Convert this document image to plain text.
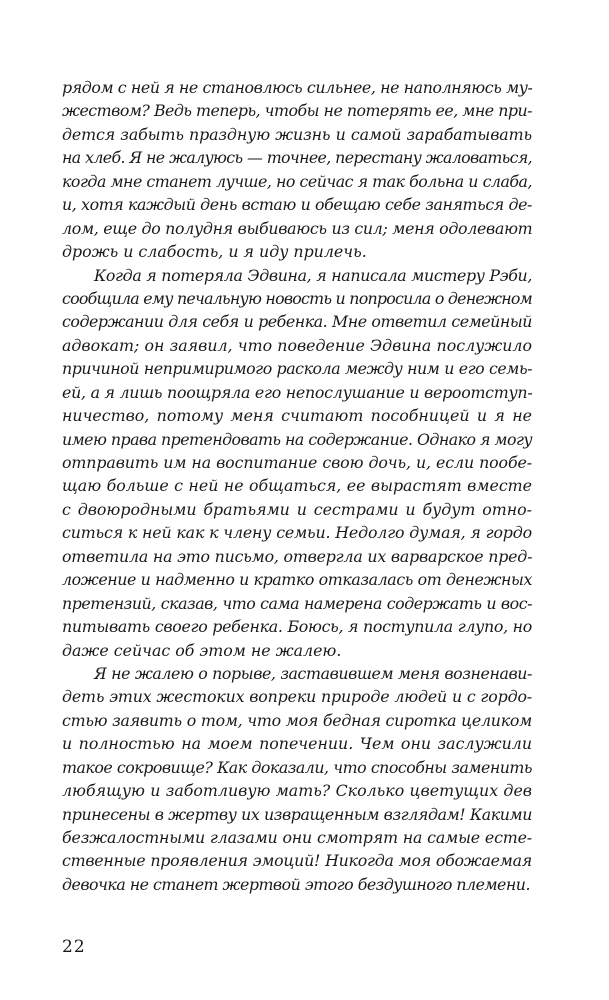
рядом с ней я не становлюсь сильнее, не наполняюсь му-
жеством? Ведь теперь, чтобы не потерять ее, мне при-
дется забыть праздную жизнь и самой зарабатывать
на хлеб. Я не жалуюсь — точнее, перестану жаловаться,
когда мне станет лучше, но сейчас я так больна и слаба,
и, хотя каждый день встаю и обещаю себе заняться де-
лом, еще до полудня выбиваюсь из сил; меня одолевают
дрожь и слабость, и я иду прилечь.
Когда я потеряла Эдвина, я написала мистеру Рэби,
сообщила ему печальную новость и попросила о денежном
содержании для себя и ребенка. Мне ответил семейный
адвокат; он заявил, что поведение Эдвина послужило
причиной непримиримого раскола между ним и его семь-
ей, а я лишь поощряла его непослушание и вероотступ-
ничество, потому меня считают пособницей и я не
имею права претендовать на содержание. Однако я могу
отправить им на воспитание свою дочь, и, если пообе-
щаю больше с ней не общаться, ее вырастят вместе
с двоюродными братьями и сестрами и будут отно-
ситься к ней как к члену семьи. Недолго думая, я гордо
ответила на это письмо, отвергла их варварское пред-
ложение и надменно и кратко отказалась от денежных
претензий, сказав, что сама намерена содержать и вос-
питывать своего ребенка. Боюсь, я поступила глупо, но
даже сейчас об этом не жалею.
Я не жалею о порыве, заставившем меня возненави-
деть этих жестоких вопреки природе людей и с гордо-
стью заявить о том, что моя бедная сиротка целиком
и полностью на моем попечении. Чем они заслужили
такое сокровище? Как доказали, что способны заменить
любящую и заботливую мать? Сколько цветущих дев
принесены в жертву их извращенным взглядам! Какими
безжалостными глазами они смотрят на самые есте-
ственные проявления эмоций! Никогда моя обожаемая
девочка не станет жертвой этого бездушного племени.
22
